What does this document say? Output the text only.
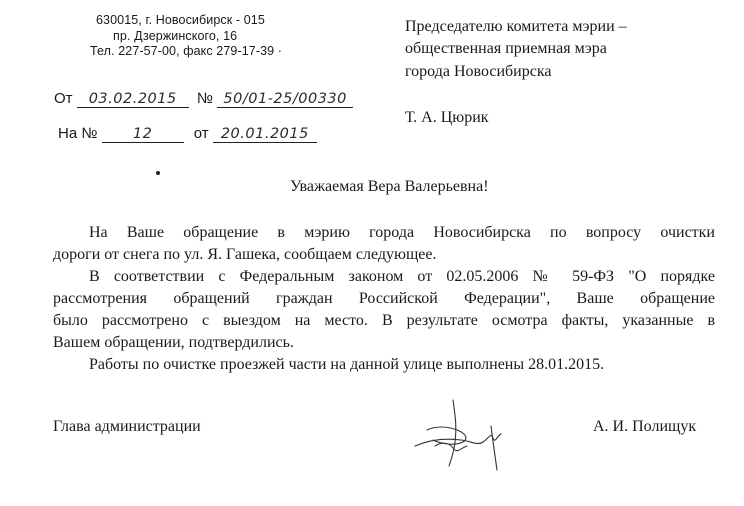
630015, г. Новосибирск - 015
пр. Дзержинского, 16
Тел. 227-57-00, факс 279-17-39 ·
Председателю комитета мэрии –
общественная приемная мэра
города Новосибирска
Т. А. Цюрик
От 03.02.2015 № 50/01-25/00330
На № 12	от 20.01.2015
Уважаемая Вера Валерьевна!
На Ваше обращение в мэрию города Новосибирска по вопросу очистки
дороги от снега по ул. Я. Гашека, сообщаем следующее.
В соответствии с Федеральным законом от 02.05.2006 № 59-ФЗ "О порядке
рассмотрения обращений граждан Российской Федерации", Ваше обращение
было рассмотрено с выездом на место. В результате осмотра факты, указанные в
Вашем обращении, подтвердились.
Работы по очистке проезжей части на данной улице выполнены 28.01.2015.
Глава администрации	А. И. Полищук
